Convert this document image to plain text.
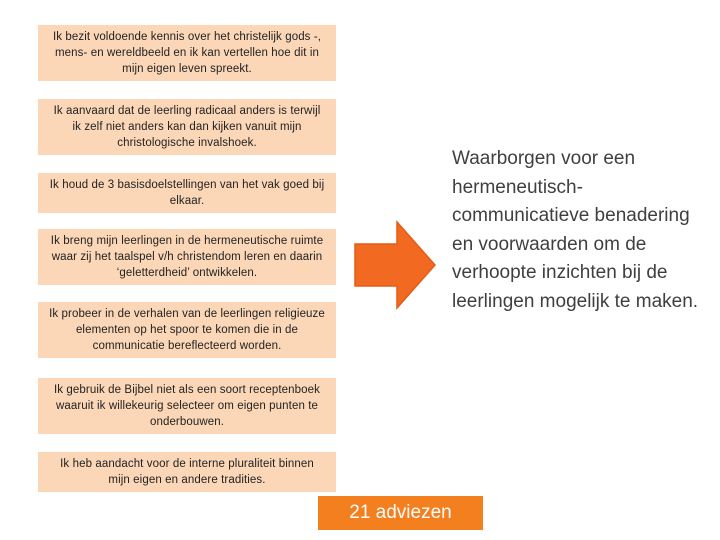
Ik bezit voldoende kennis over het christelijk gods -, mens- en wereldbeeld en ik kan vertellen hoe dit in mijn eigen leven spreekt.
Ik aanvaard dat de leerling radicaal anders is terwijl ik zelf niet anders kan dan kijken vanuit mijn christologische invalshoek.
Ik houd de 3 basisdoelstellingen van het vak goed bij elkaar.
Ik breng mijn leerlingen in de hermeneutische ruimte waar zij het taalspel v/h christendom leren en daarin ‘geletterdheid’ ontwikkelen.
Ik probeer in de verhalen van de leerlingen religieuze elementen op het spoor te komen die in de communicatie bereflecteerd worden.
Ik gebruik de Bijbel niet als een soort receptenboek waaruit ik willekeurig selecteer om eigen punten te onderbouwen.
Ik heb aandacht voor de interne pluraliteit binnen mijn eigen en andere tradities.
Waarborgen voor een hermeneutisch-communicatieve benadering en voorwaarden om de verhoopte inzichten bij de leerlingen mogelijk te maken.
21 adviezen
